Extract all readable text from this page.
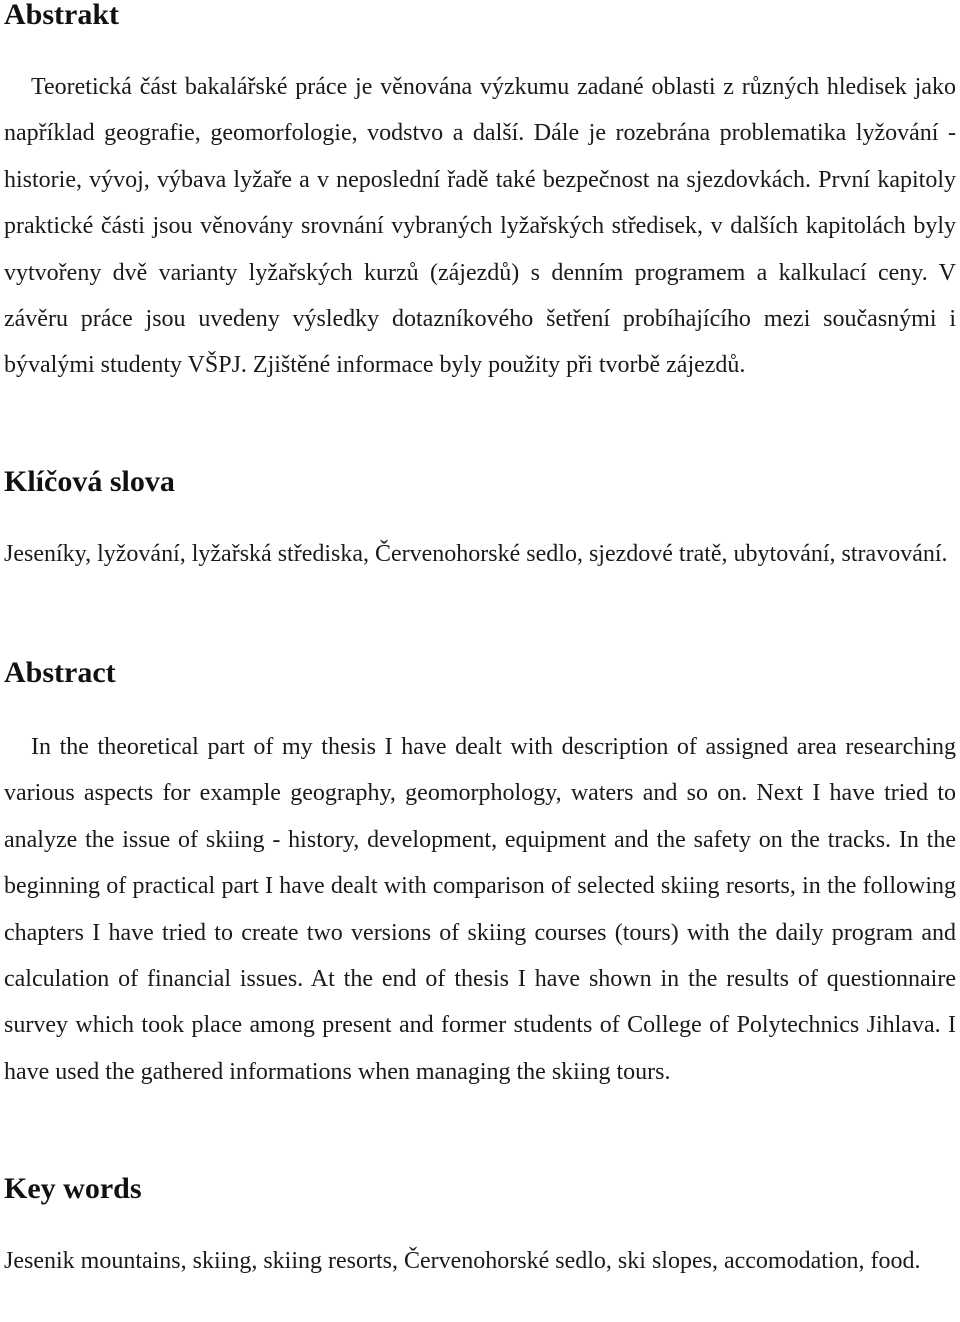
Abstrakt

Teoretická část bakalářské práce je věnována výzkumu zadané oblasti z různých hledisek jako například geografie, geomorfologie, vodstvo a další. Dále je rozebrána problematika lyžování - historie, vývoj, výbava lyžaře a v neposlední řadě také bezpečnost na sjezdovkách. První kapitoly praktické části jsou věnovány srovnání vybraných lyžařských středisek, v dalších kapitolách byly vytvořeny dvě varianty lyžařských kurzů (zájezdů) s denním programem a kalkulací ceny. V závěru práce jsou uvedeny výsledky dotazníkového šetření probíhajícího mezi současnými i bývalými studenty VŠPJ. Zjištěné informace byly použity při tvorbě zájezdů.

Klíčová slova

Jeseníky, lyžování, lyžařská střediska, Červenohorské sedlo, sjezdové tratě, ubytování, stravování.

Abstract

In the theoretical part of my thesis I have dealt with description of assigned area researching various aspects for example geography, geomorphology, waters and so on. Next I have tried to analyze the issue of skiing - history, development, equipment and the safety on the tracks. In the beginning of practical part I have dealt with comparison of selected skiing resorts, in the following chapters I have tried to create two versions of skiing courses (tours) with the daily program and calculation of financial issues. At the end of thesis I have shown in the results of questionnaire survey which took place among present and former students of College of Polytechnics Jihlava. I have used the gathered informations when managing the skiing tours.

Key words

Jesenik mountains, skiing, skiing resorts, Červenohorské sedlo, ski slopes, accomodation, food.
